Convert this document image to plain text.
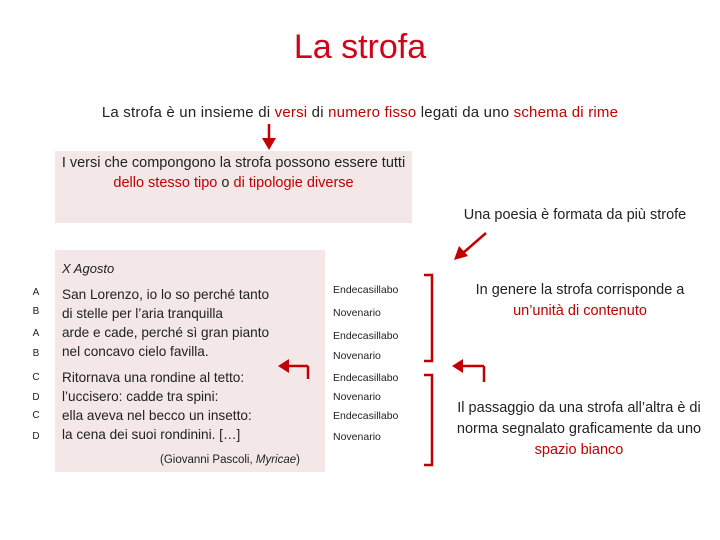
La strofa
La strofa è un insieme di versi di numero fisso legati da uno schema di rime
I versi che compongono la strofa possono essere tutti dello stesso tipo o di tipologie diverse
X Agosto
San Lorenzo, io lo so perché tanto
di stelle per l’aria tranquilla
arde e cade, perché sì gran pianto
nel concavo cielo favilla.
Ritornava una rondine al tetto:
l’uccisero: cadde tra spini:
ella aveva nel becco un insetto:
la cena dei suoi rondinini. […]
A
B
A
B
C
D
C
D
Endecasillabo
Novenario
Endecasillabo
Novenario
Endecasillabo
Novenario
Endecasillabo
Novenario
(Giovanni Pascoli, Myricae)
Una poesia è formata da più strofe
In genere la strofa corrisponde a un’unità di contenuto
Il passaggio da una strofa all’altra è di norma segnalato graficamente da uno spazio bianco
